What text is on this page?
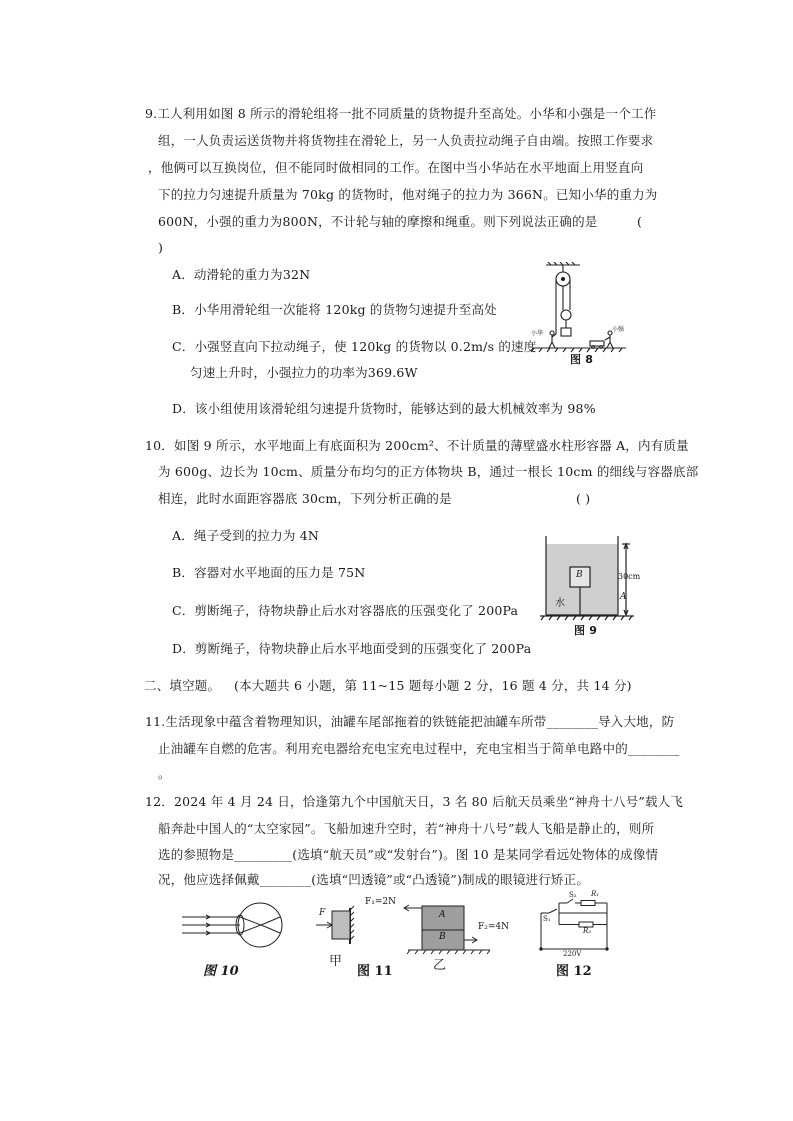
9.工人利用如图 8 所示的滑轮组将一批不同质量的货物提升至高处。小华和小强是一个工作
组，一人负责运送货物并将货物挂在滑轮上，另一人负责拉动绳子自由端。按照工作要求
，他俩可以互换岗位，但不能同时做相同的工作。在图中当小华站在水平地面上用竖直向
下的拉力匀速提升质量为 70kg 的货物时，他对绳子的拉力为 366N。已知小华的重力为
600N，小强的重力为800N，不计轮与轴的摩擦和绳重。则下列说法正确的是	(
)
A．动滑轮的重力为32N
B．小华用滑轮组一次能将 120kg 的货物匀速提升至高处
C．小强竖直向下拉动绳子，使 120kg 的货物以 0.2m/s 的速度
匀速上升时，小强拉力的功率为369.6W
D．该小组使用该滑轮组匀速提升货物时，能够达到的最大机械效率为 98%
小华
小强
图 8
10．如图 9 所示，水平地面上有底面积为 200cm²、不计质量的薄壁盛水柱形容器 A，内有质量
为 600g、边长为 10cm、质量分布均匀的正方体物块 B，通过一根长 10cm 的细线与容器底部
相连，此时水面距容器底 30cm，下列分析正确的是	( )
A．绳子受到的拉力为 4N
B．容器对水平地面的压力是 75N
C．剪断绳子，待物块静止后水对容器底的压强变化了 200Pa
D．剪断绳子，待物块静止后水平地面受到的压强变化了 200Pa
B
水
30cm
A
图 9
二、填空题。 (本大题共 6 小题，第 11~15 题每小题 2 分，16 题 4 分，共 14 分)
11.生活现象中蕴含着物理知识，油罐车尾部拖着的铁链能把油罐车所带________导入大地，防
止油罐车自燃的危害。利用充电器给充电宝充电过程中，充电宝相当于简单电路中的________
。
12．2024 年 4 月 24 日，恰逢第九个中国航天日，3 名 80 后航天员乘坐“神舟十八号”载人飞
船奔赴中国人的“太空家园”。飞船加速升空时，若“神舟十八号”载人飞船是静止的，则所
选的参照物是_________(选填“航天员”或“发射台”)。图 10 是某同学看远处物体的成像情
况，他应选择佩戴________(选填“凹透镜”或“凸透镜”)制成的眼镜进行矫正。
图 10
F
F₁=2N
A
B
F₂=4N
甲	乙
图 11
S₁
S₂ R₁
R₂
220V
图 12
